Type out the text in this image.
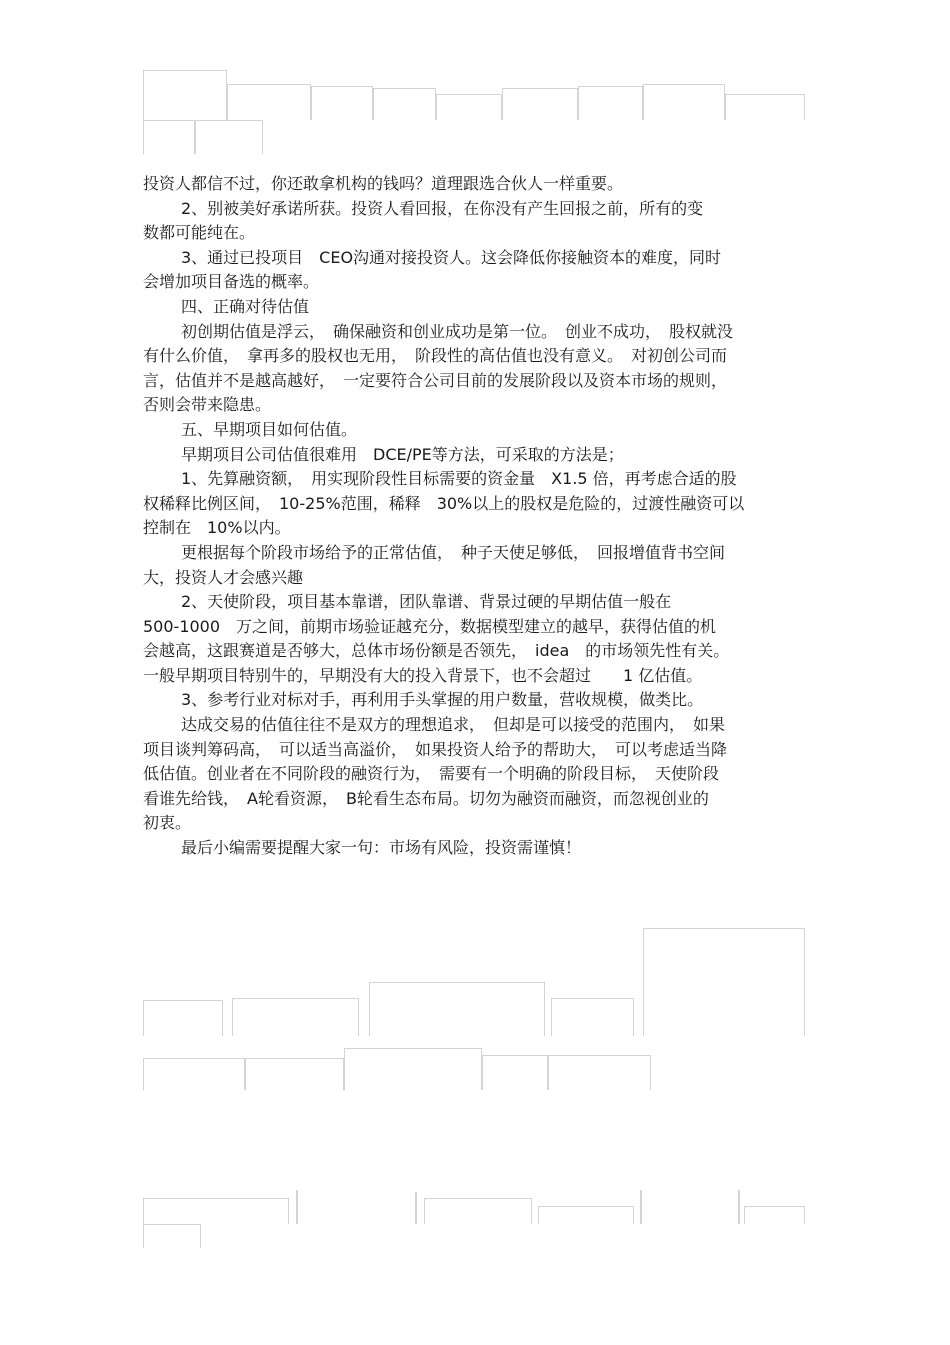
投资人都信不过，你还敢拿机构的钱吗？道理跟选合伙人一样重要。
2、别被美好承诺所获。投资人看回报，在你没有产生回报之前，所有的变
数都可能纯在。
3、通过已投项目　CEO沟通对接投资人。这会降低你接触资本的难度，同时
会增加项目备选的概率。
四、正确对待估值
初创期估值是浮云，　确保融资和创业成功是第一位。　创业不成功，　股权就没
有什么价值，　拿再多的股权也无用，　阶段性的高估值也没有意义。　对初创公司而
言，估值并不是越高越好，　一定要符合公司目前的发展阶段以及资本市场的规则，
否则会带来隐患。
五、早期项目如何估值。
早期项目公司估值很难用　DCE/PE等方法，可采取的方法是；
1、先算融资额，　用实现阶段性目标需要的资金量　X1.5 倍，再考虑合适的股
权稀释比例区间，　10-25%范围，稀释　30%以上的股权是危险的，过渡性融资可以
控制在　10%以内。
更根据每个阶段市场给予的正常估值，　种子天使足够低，　回报增值背书空间
大，投资人才会感兴趣
2、天使阶段，项目基本靠谱，团队靠谱、背景过硬的早期估值一般在
500-1000　万之间，前期市场验证越充分，数据模型建立的越早，获得估值的机
会越高，这跟赛道是否够大，总体市场份额是否领先，　idea　的市场领先性有关。
一般早期项目特别牛的，早期没有大的投入背景下，也不会超过　　1 亿估值。
3、参考行业对标对手，再利用手头掌握的用户数量，营收规模，做类比。
达成交易的估值往往不是双方的理想追求，　但却是可以接受的范围内，　如果
项目谈判筹码高，　可以适当高溢价，　如果投资人给予的帮助大，　可以考虑适当降
低估值。创业者在不同阶段的融资行为，　需要有一个明确的阶段目标，　天使阶段
看谁先给钱，　A轮看资源，　B轮看生态布局。切勿为融资而融资，而忽视创业的
初衷。
最后小编需要提醒大家一句：市场有风险，投资需谨慎！
